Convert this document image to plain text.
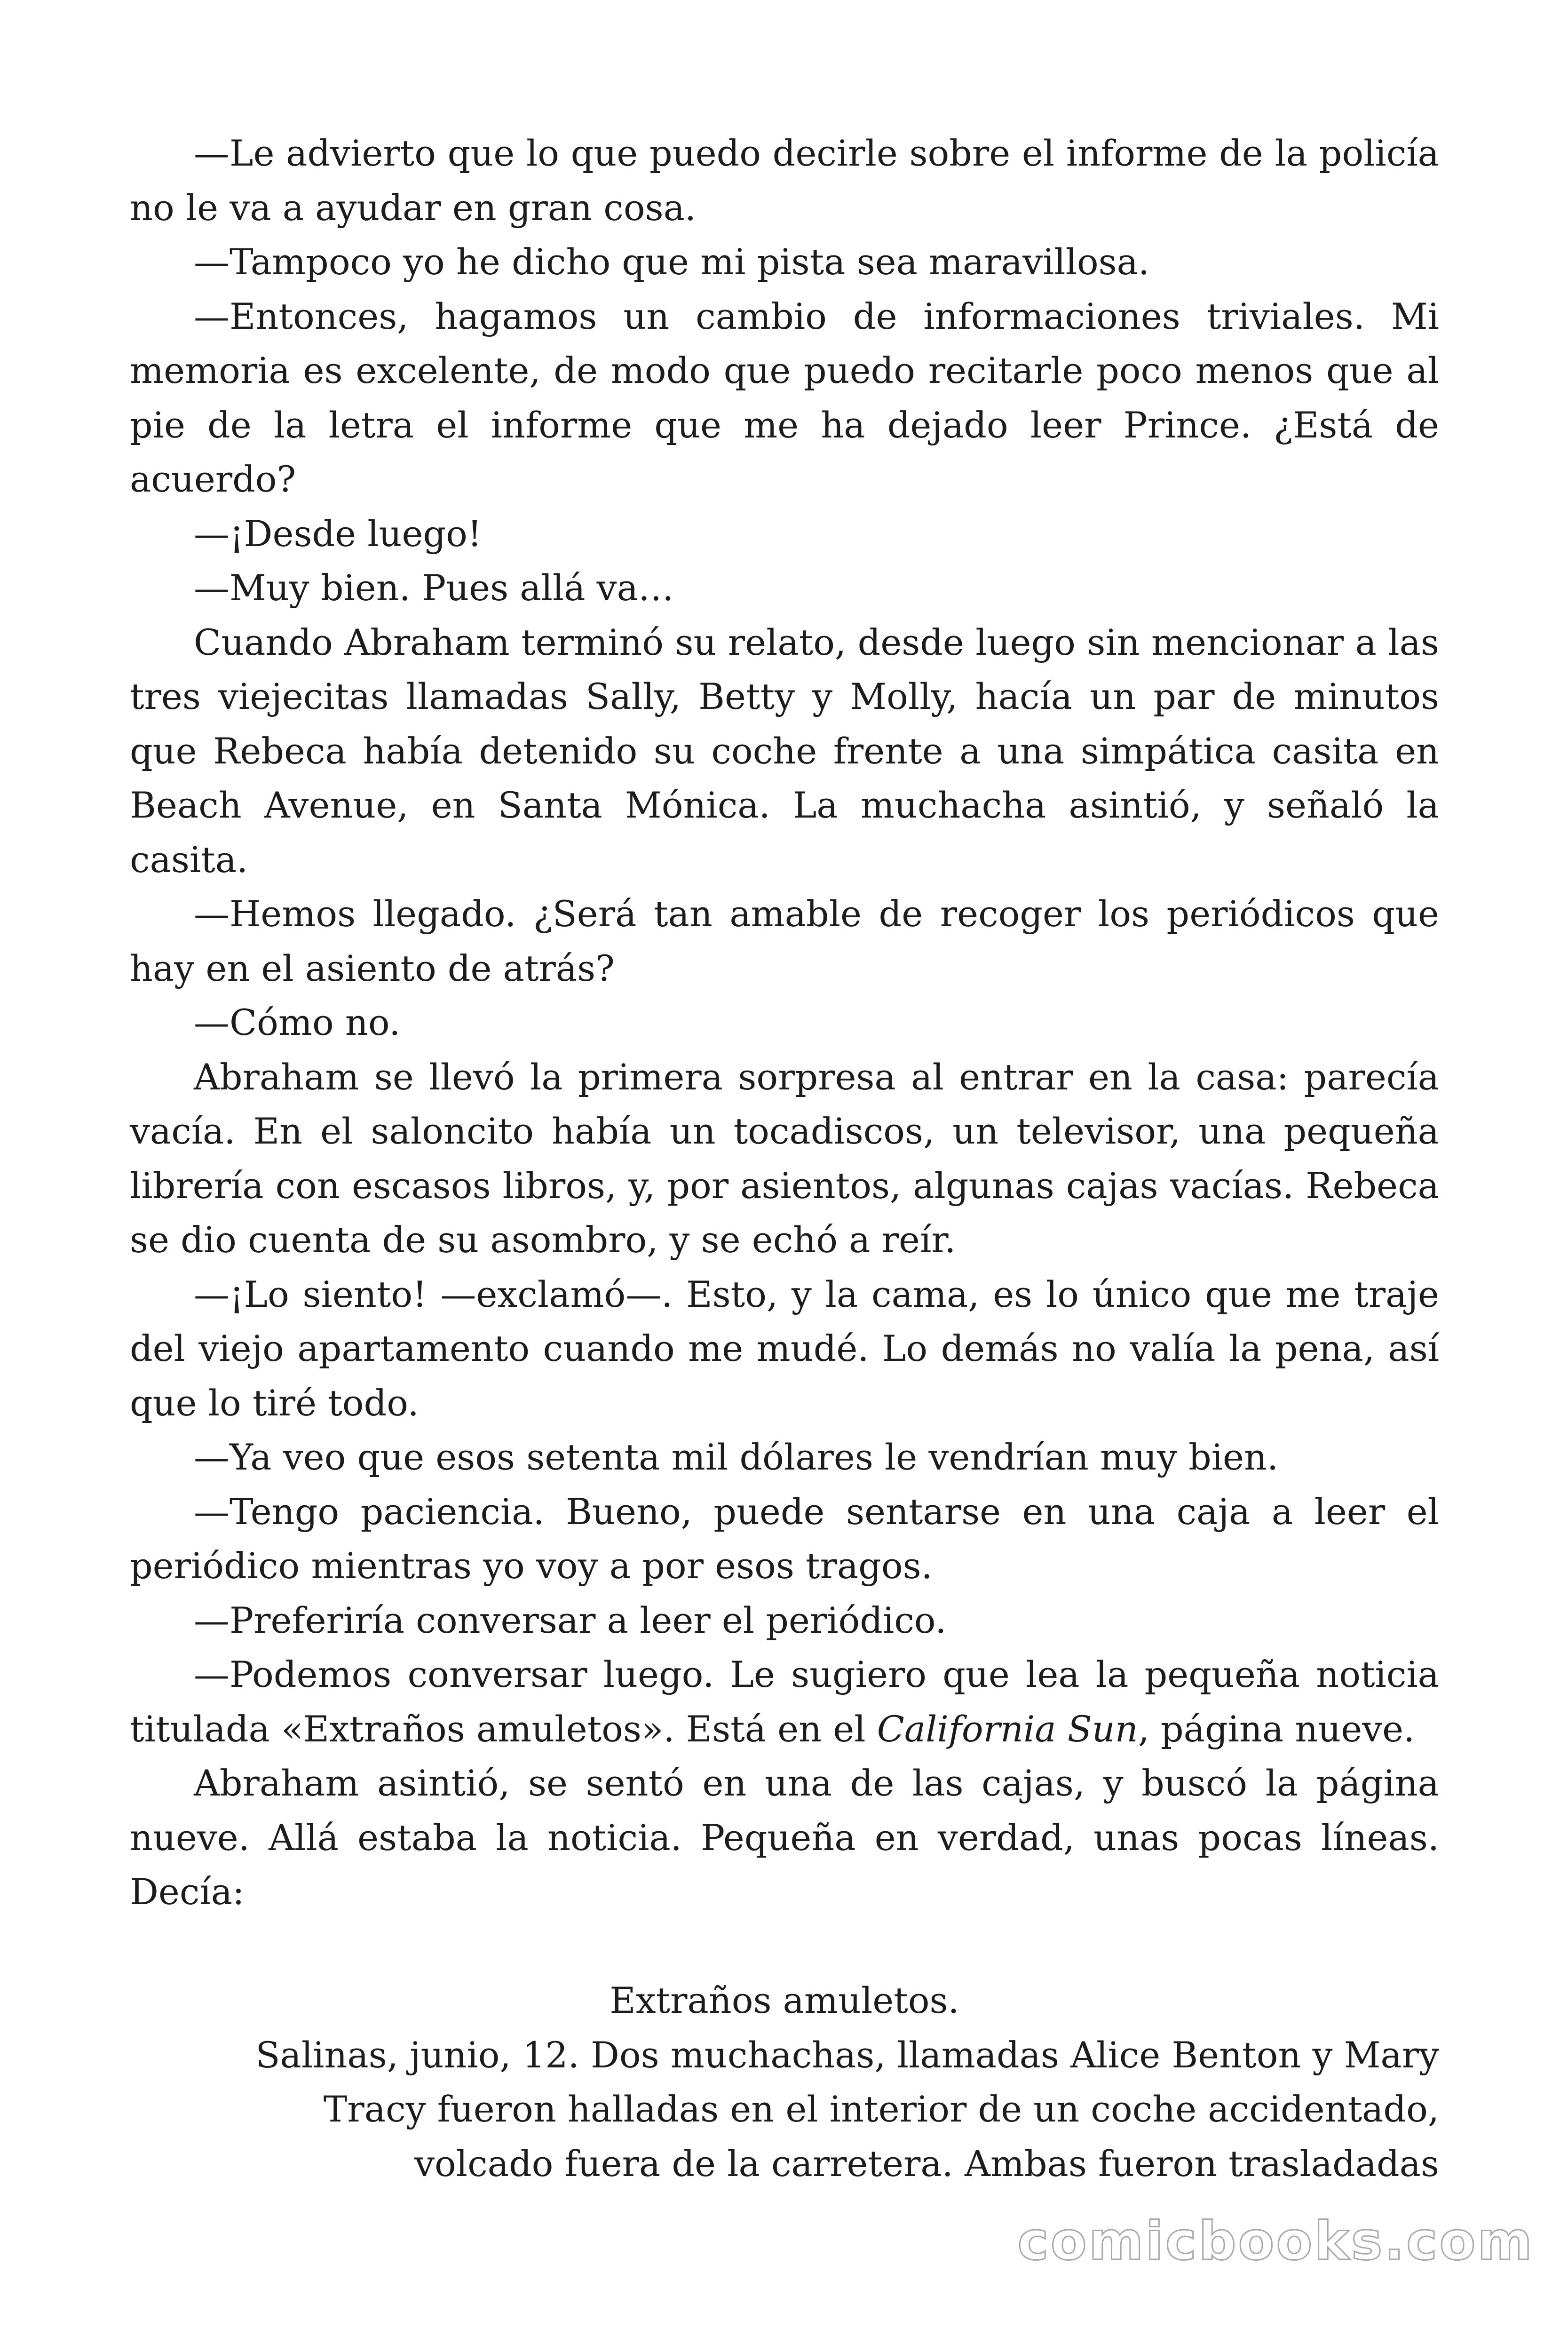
—Le advierto que lo que puedo decirle sobre el informe de la policía no le va a ayudar en gran cosa.

—Tampoco yo he dicho que mi pista sea maravillosa.

—Entonces, hagamos un cambio de informaciones triviales. Mi memoria es excelente, de modo que puedo recitarle poco menos que al pie de la letra el informe que me ha dejado leer Prince. ¿Está de acuerdo?

—¡Desde luego!

—Muy bien. Pues allá va…

Cuando Abraham terminó su relato, desde luego sin mencionar a las tres viejecitas llamadas Sally, Betty y Molly, hacía un par de minutos que Rebeca había detenido su coche frente a una simpática casita en Beach Avenue, en Santa Mónica. La muchacha asintió, y señaló la casita.

—Hemos llegado. ¿Será tan amable de recoger los periódicos que hay en el asiento de atrás?

—Cómo no.

Abraham se llevó la primera sorpresa al entrar en la casa: parecía vacía. En el saloncito había un tocadiscos, un televisor, una pequeña librería con escasos libros, y, por asientos, algunas cajas vacías. Rebeca se dio cuenta de su asombro, y se echó a reír.

—¡Lo siento! —exclamó—. Esto, y la cama, es lo único que me traje del viejo apartamento cuando me mudé. Lo demás no valía la pena, así que lo tiré todo.

—Ya veo que esos setenta mil dólares le vendrían muy bien.

—Tengo paciencia. Bueno, puede sentarse en una caja a leer el periódico mientras yo voy a por esos tragos.

—Preferiría conversar a leer el periódico.

—Podemos conversar luego. Le sugiero que lea la pequeña noticia titulada «Extraños amuletos». Está en el California Sun, página nueve.

Abraham asintió, se sentó en una de las cajas, y buscó la página nueve. Allá estaba la noticia. Pequeña en verdad, unas pocas líneas. Decía:

Extraños amuletos.

Salinas, junio, 12. Dos muchachas, llamadas Alice Benton y Mary
Tracy fueron halladas en el interior de un coche accidentado,
volcado fuera de la carretera. Ambas fueron trasladadas

comicbooks.com
